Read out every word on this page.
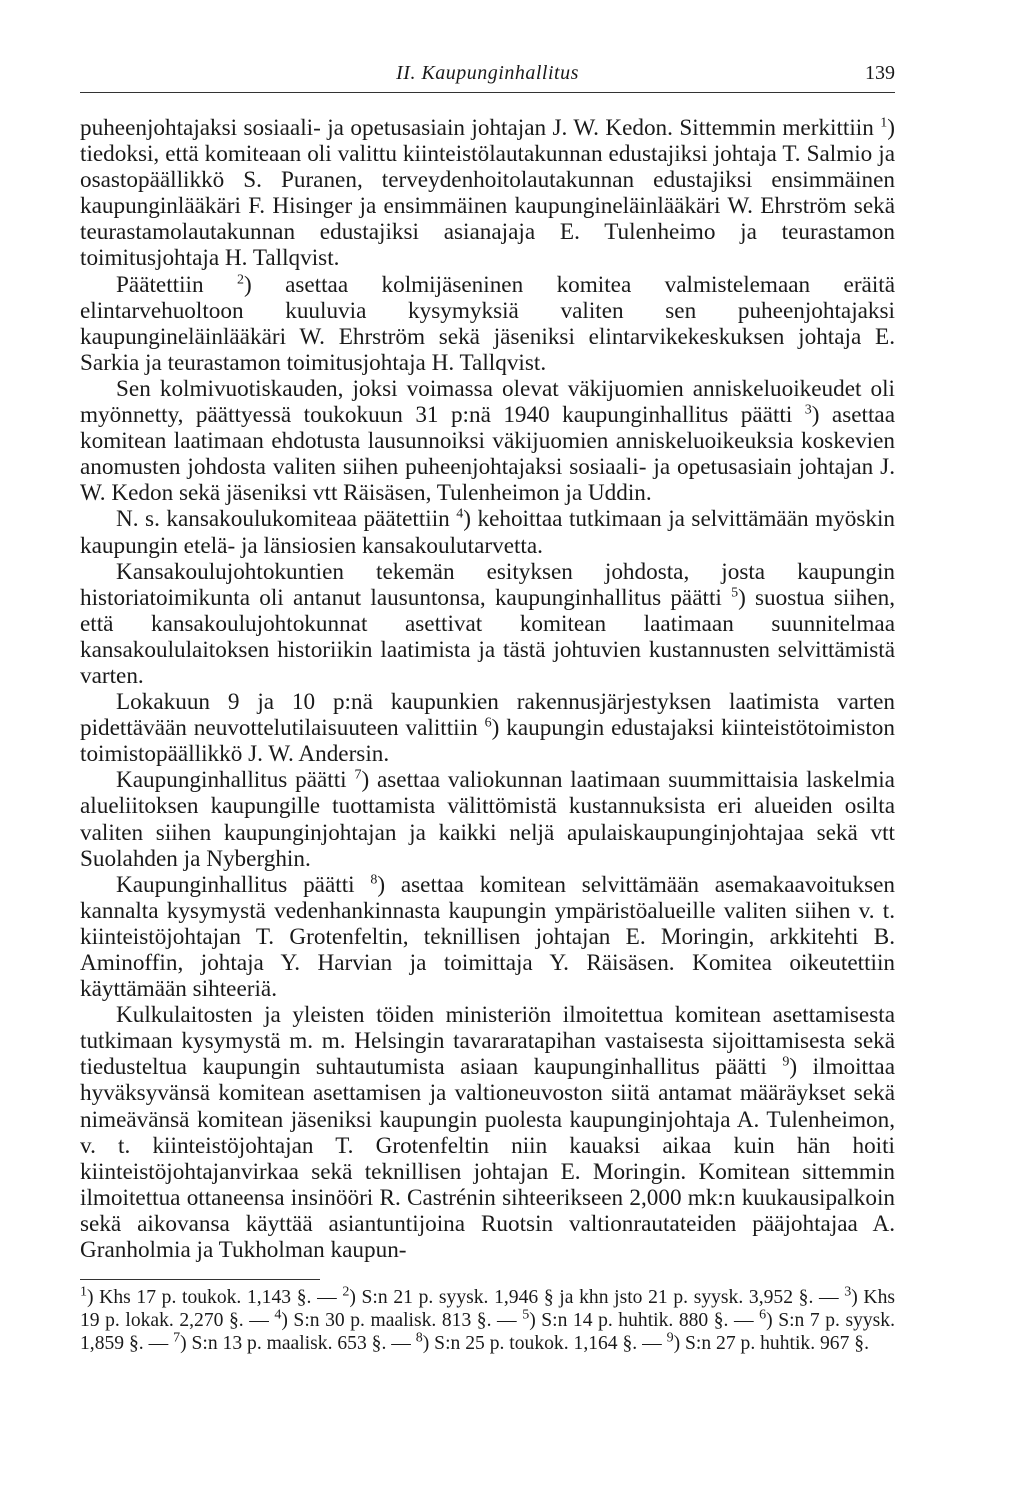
II. Kaupunginhallitus	139

puheenjohtajaksi sosiaali- ja opetusasiain johtajan J. W. Kedon. Sittemmin merkittiin $^1$) tiedoksi, että komiteaan oli valittu kiinteistölautakunnan edustajiksi johtaja T. Salmio ja osastopäällikkö S. Puranen, terveydenhoitolautakunnan edustajiksi ensimmäinen kaupunginlääkäri F. Hisinger ja ensimmäinen kaupungineläinlääkäri W. Ehrström sekä teurastamolautakunnan edustajiksi asianajaja E. Tulenheimo ja teurastamon toimitusjohtaja H. Tallqvist.

Päätettiin $^2$) asettaa kolmijäseninen komitea valmistelemaan eräitä elintarvehuoltoon kuuluvia kysymyksiä valiten sen puheenjohtajaksi kaupungineläinlääkäri W. Ehrström sekä jäseniksi elintarvikekeskuksen johtaja E. Sarkia ja teurastamon toimitusjohtaja H. Tallqvist.

Sen kolmivuotiskauden, joksi voimassa olevat väkijuomien anniskeluoikeudet oli myönnetty, päättyessä toukokuun 31 p:nä 1940 kaupunginhallitus päätti $^3$) asettaa komitean laatimaan ehdotusta lausunnoiksi väkijuomien anniskeluoikeuksia koskevien anomusten johdosta valiten siihen puheenjohtajaksi sosiaali- ja opetusasiain johtajan J. W. Kedon sekä jäseniksi vtt Räisäsen, Tulenheimon ja Uddin.

N. s. kansakoulukomiteaa päätettiin $^4$) kehoittaa tutkimaan ja selvittämään myöskin kaupungin etelä- ja länsiosien kansakoulutarvetta.

Kansakoulujohtokuntien tekemän esityksen johdosta, josta kaupungin historiatoimikunta oli antanut lausuntonsa, kaupunginhallitus päätti $^5$) suostua siihen, että kansakoulujohtokunnat asettivat komitean laatimaan suunnitelmaa kansakoululaitoksen historiikin laatimista ja tästä johtuvien kustannusten selvittämistä varten.

Lokakuun 9 ja 10 p:nä kaupunkien rakennusjärjestyksen laatimista varten pidettävään neuvottelutilaisuuteen valittiin $^6$) kaupungin edustajaksi kiinteistötoimiston toimistopäällikkö J. W. Andersin.

Kaupunginhallitus päätti $^7$) asettaa valiokunnan laatimaan suummittaisia laskelmia alueliitoksen kaupungille tuottamista välittömistä kustannuksista eri alueiden osilta valiten siihen kaupunginjohtajan ja kaikki neljä apulaiskaupunginjohtajaa sekä vtt Suolahden ja Nyberghin.

Kaupunginhallitus päätti $^8$) asettaa komitean selvittämään asemakaavoituksen kannalta kysymystä vedenhankinnasta kaupungin ympäristöalueille valiten siihen v. t. kiinteistöjohtajan T. Grotenfeltin, teknillisen johtajan E. Moringin, arkkitehti B. Aminoffin, johtaja Y. Harvian ja toimittaja Y. Räisäsen. Komitea oikeutettiin käyttämään sihteeriä.

Kulkulaitosten ja yleisten töiden ministeriön ilmoitettua komitean asettamisesta tutkimaan kysymystä m. m. Helsingin tavararatapihan vastaisesta sijoittamisesta sekä tiedusteltua kaupungin suhtautumista asiaan kaupunginhallitus päätti $^9$) ilmoittaa hyväksyvänsä komitean asettamisen ja valtioneuvoston siitä antamat määräykset sekä nimeävänsä komitean jäseniksi kaupungin puolesta kaupunginjohtaja A. Tulenheimon, v. t. kiinteistöjohtajan T. Grotenfeltin niin kauaksi aikaa kuin hän hoiti kiinteistöjohtajanvirkaa sekä teknillisen johtajan E. Moringin. Komitean sittemmin ilmoitettua ottaneensa insinööri R. Castrénin sihteerikseen 2,000 mk:n kuukausipalkoin sekä aikovansa käyttää asiantuntijoina Ruotsin valtionrautateiden pääjohtajaa A. Granholmia ja Tukholman kaupun-

$^1$) Khs 17 p. toukok. 1,143 §. — $^2$) S:n 21 p. syysk. 1,946 § ja khn jsto 21 p. syysk. 3,952 §. — $^3$) Khs 19 p. lokak. 2,270 §. — $^4$) S:n 30 p. maalisk. 813 §. — $^5$) S:n 14 p. huhtik. 880 §. — $^6$) S:n 7 p. syysk. 1,859 §. — $^7$) S:n 13 p. maalisk. 653 §. — $^8$) S:n 25 p. toukok. 1,164 §. — $^9$) S:n 27 p. huhtik. 967 §.
